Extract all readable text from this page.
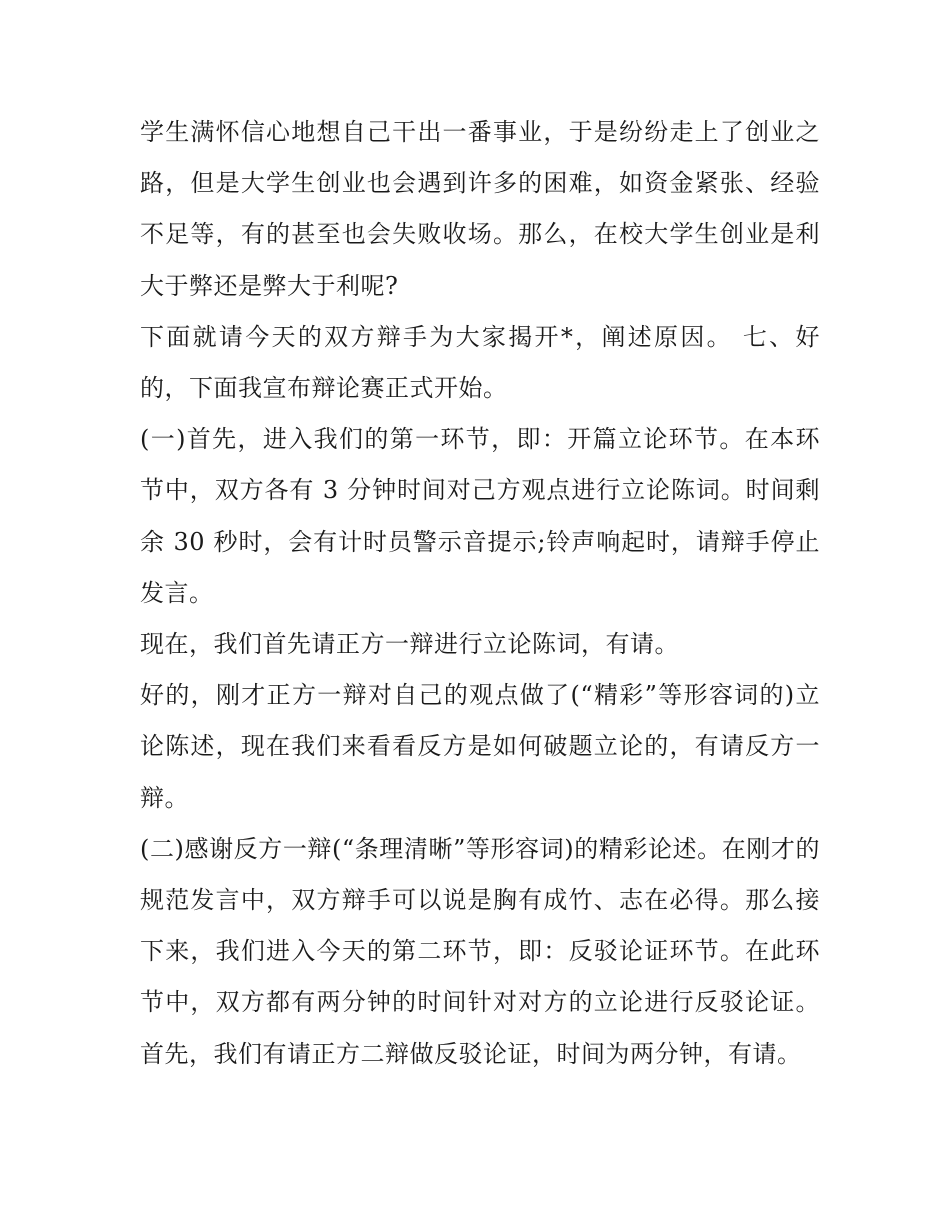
学生满怀信心地想自己干出一番事业，于是纷纷走上了创业之路，但是大学生创业也会遇到许多的困难，如资金紧张、经验不足等，有的甚至也会失败收场。那么，在校大学生创业是利大于弊还是弊大于利呢?

下面就请今天的双方辩手为大家揭开*，阐述原因。 七、好的，下面我宣布辩论赛正式开始。

(一)首先，进入我们的第一环节，即：开篇立论环节。在本环节中，双方各有 3 分钟时间对己方观点进行立论陈词。时间剩余 30 秒时，会有计时员警示音提示;铃声响起时，请辩手停止发言。

现在，我们首先请正方一辩进行立论陈词，有请。

好的，刚才正方一辩对自己的观点做了(“精彩”等形容词的)立论陈述，现在我们来看看反方是如何破题立论的，有请反方一辩。

(二)感谢反方一辩(“条理清晰”等形容词)的精彩论述。在刚才的规范发言中，双方辩手可以说是胸有成竹、志在必得。那么接下来，我们进入今天的第二环节，即：反驳论证环节。在此环节中，双方都有两分钟的时间针对对方的立论进行反驳论证。首先，我们有请正方二辩做反驳论证，时间为两分钟，有请。
